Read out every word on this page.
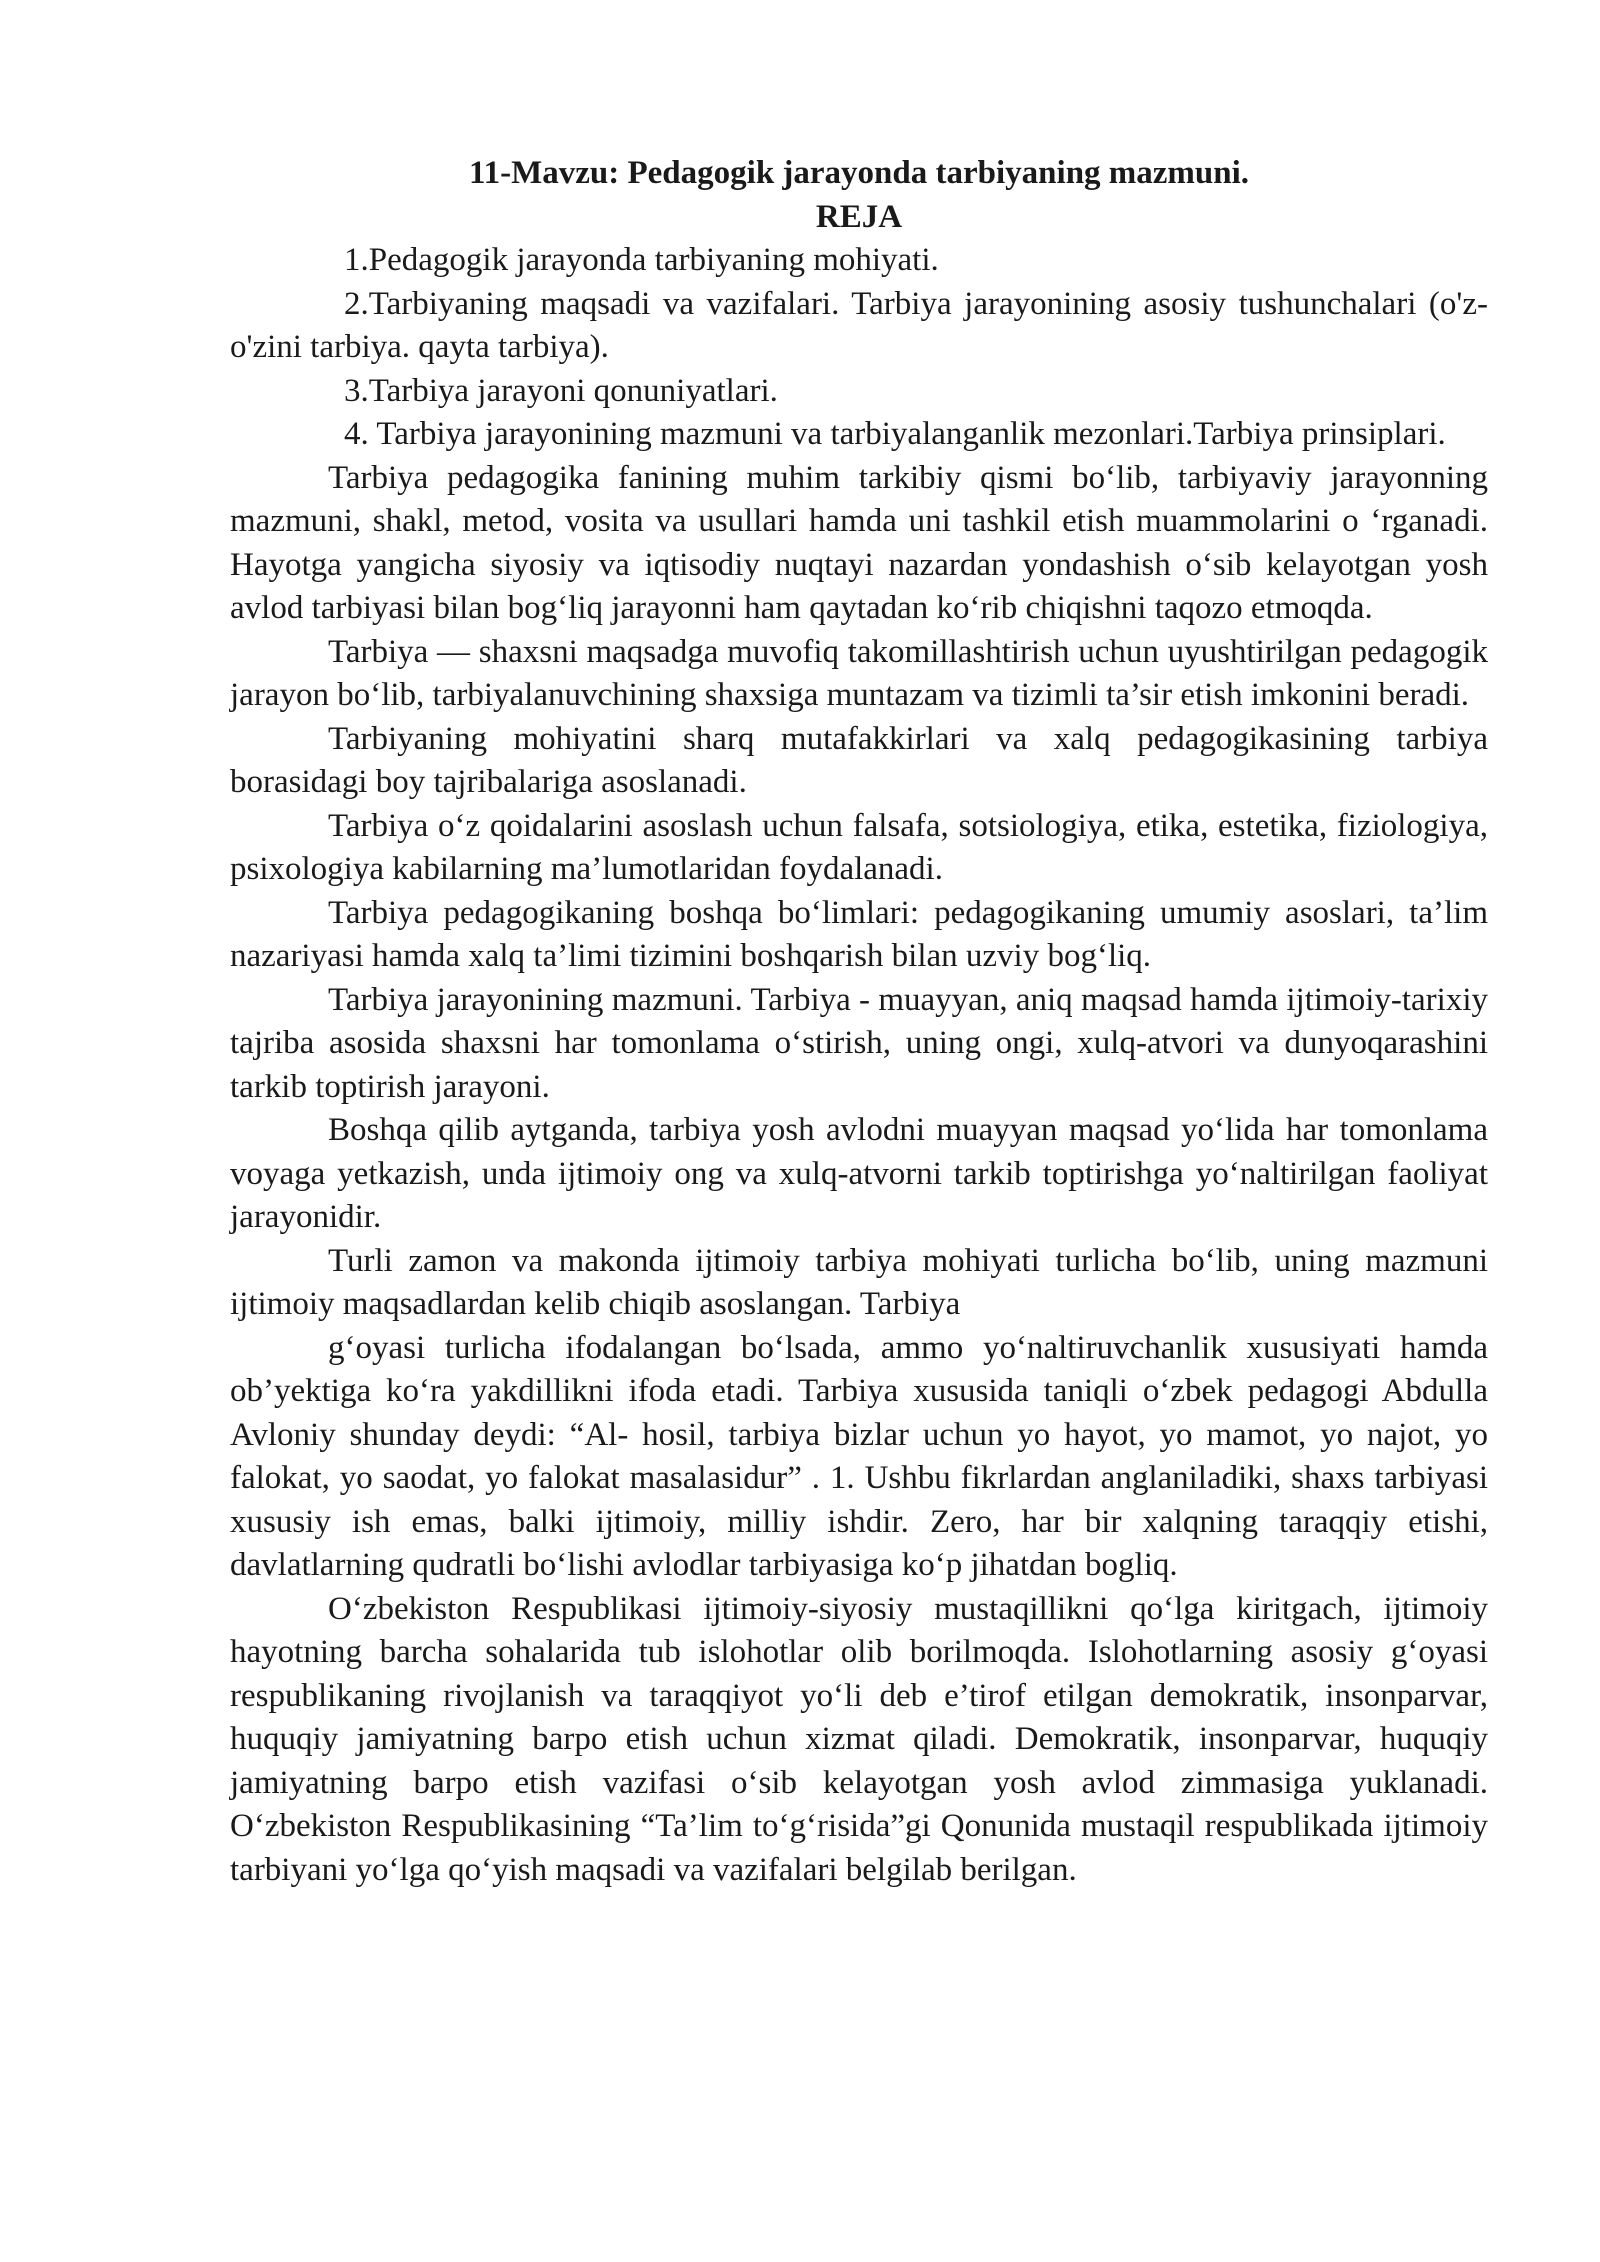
11-Mavzu: Pedagogik jarayonda tarbiyaning mazmuni.

REJA

1.Pedagogik jarayonda tarbiyaning mohiyati.

2.Tarbiyaning maqsadi va vazifalari. Tarbiya jarayonining asosiy tushunchalari (o'z-o'zini tarbiya. qayta tarbiya).

3.Tarbiya jarayoni qonuniyatlari.

4. Tarbiya jarayonining mazmuni va tarbiyalanganlik mezonlari.Tarbiya prinsiplari.

Tarbiya pedagogika fanining muhim tarkibiy qismi bo‘lib, tarbiyaviy jarayonning mazmuni, shakl, metod, vosita va usullari hamda uni tashkil etish muammolarini o ‘rganadi. Hayotga yangicha siyosiy va iqtisodiy nuqtayi nazardan yondashish o‘sib kelayotgan yosh avlod tarbiyasi bilan bog‘liq jarayonni ham qaytadan ko‘rib chiqishni taqozo etmoqda.

Tarbiya — shaxsni maqsadga muvofiq takomillashtirish uchun uyushtirilgan pedagogik jarayon bo‘lib, tarbiyalanuvchining shaxsiga muntazam va tizimli ta’sir etish imkonini beradi.

Tarbiyaning mohiyatini sharq mutafakkirlari va xalq pedagogikasining tarbiya borasidagi boy tajribalariga asoslanadi.

Tarbiya o‘z qoidalarini asoslash uchun falsafa, sotsiologiya, etika, estetika, fiziologiya, psixologiya kabilarning ma’lumotlaridan foydalanadi.

Tarbiya pedagogikaning boshqa bo‘limlari: pedagogikaning umumiy asoslari, ta’lim nazariyasi hamda xalq ta’limi tizimini boshqarish bilan uzviy bog‘liq.

Tarbiya jarayonining mazmuni. Tarbiya - muayyan, aniq maqsad hamda ijtimoiy-tarixiy tajriba asosida shaxsni har tomonlama o‘stirish, uning ongi, xulq-atvori va dunyoqarashini tarkib toptirish jarayoni.

Boshqa qilib aytganda, tarbiya yosh avlodni muayyan maqsad yo‘lida har tomonlama voyaga yetkazish, unda ijtimoiy ong va xulq-atvorni tarkib toptirishga yo‘naltirilgan faoliyat jarayonidir.

Turli zamon va makonda ijtimoiy tarbiya mohiyati turlicha bo‘lib, uning mazmuni ijtimoiy maqsadlardan kelib chiqib asoslangan. Tarbiya

g‘oyasi turlicha ifodalangan bo‘lsada, ammo yo‘naltiruvchanlik xususiyati hamda ob’yektiga ko‘ra yakdillikni ifoda etadi. Tarbiya xususida taniqli o‘zbek pedagogi Abdulla Avloniy shunday deydi: “Al- hosil, tarbiya bizlar uchun yo hayot, yo mamot, yo najot, yo falokat, yo saodat, yo falokat masalasidur” . 1. Ushbu fikrlardan anglaniladiki, shaxs tarbiyasi xususiy ish emas, balki ijtimoiy, milliy ishdir. Zero, har bir xalqning taraqqiy etishi, davlatlarning qudratli bo‘lishi avlodlar tarbiyasiga ko‘p jihatdan bogliq.

O‘zbekiston Respublikasi ijtimoiy-siyosiy mustaqillikni qo‘lga kiritgach, ijtimoiy hayotning barcha sohalarida tub islohotlar olib borilmoqda. Islohotlarning asosiy g‘oyasi respublikaning rivojlanish va taraqqiyot yo‘li deb e’tirof etilgan demokratik, insonparvar, huquqiy jamiyatning barpo etish uchun xizmat qiladi. Demokratik, insonparvar, huquqiy jamiyatning barpo etish vazifasi o‘sib kelayotgan yosh avlod zimmasiga yuklanadi. O‘zbekiston Respublikasining “Ta’lim to‘g‘risida”gi Qonunida mustaqil respublikada ijtimoiy tarbiyani yo‘lga qo‘yish maqsadi va vazifalari belgilab berilgan.
